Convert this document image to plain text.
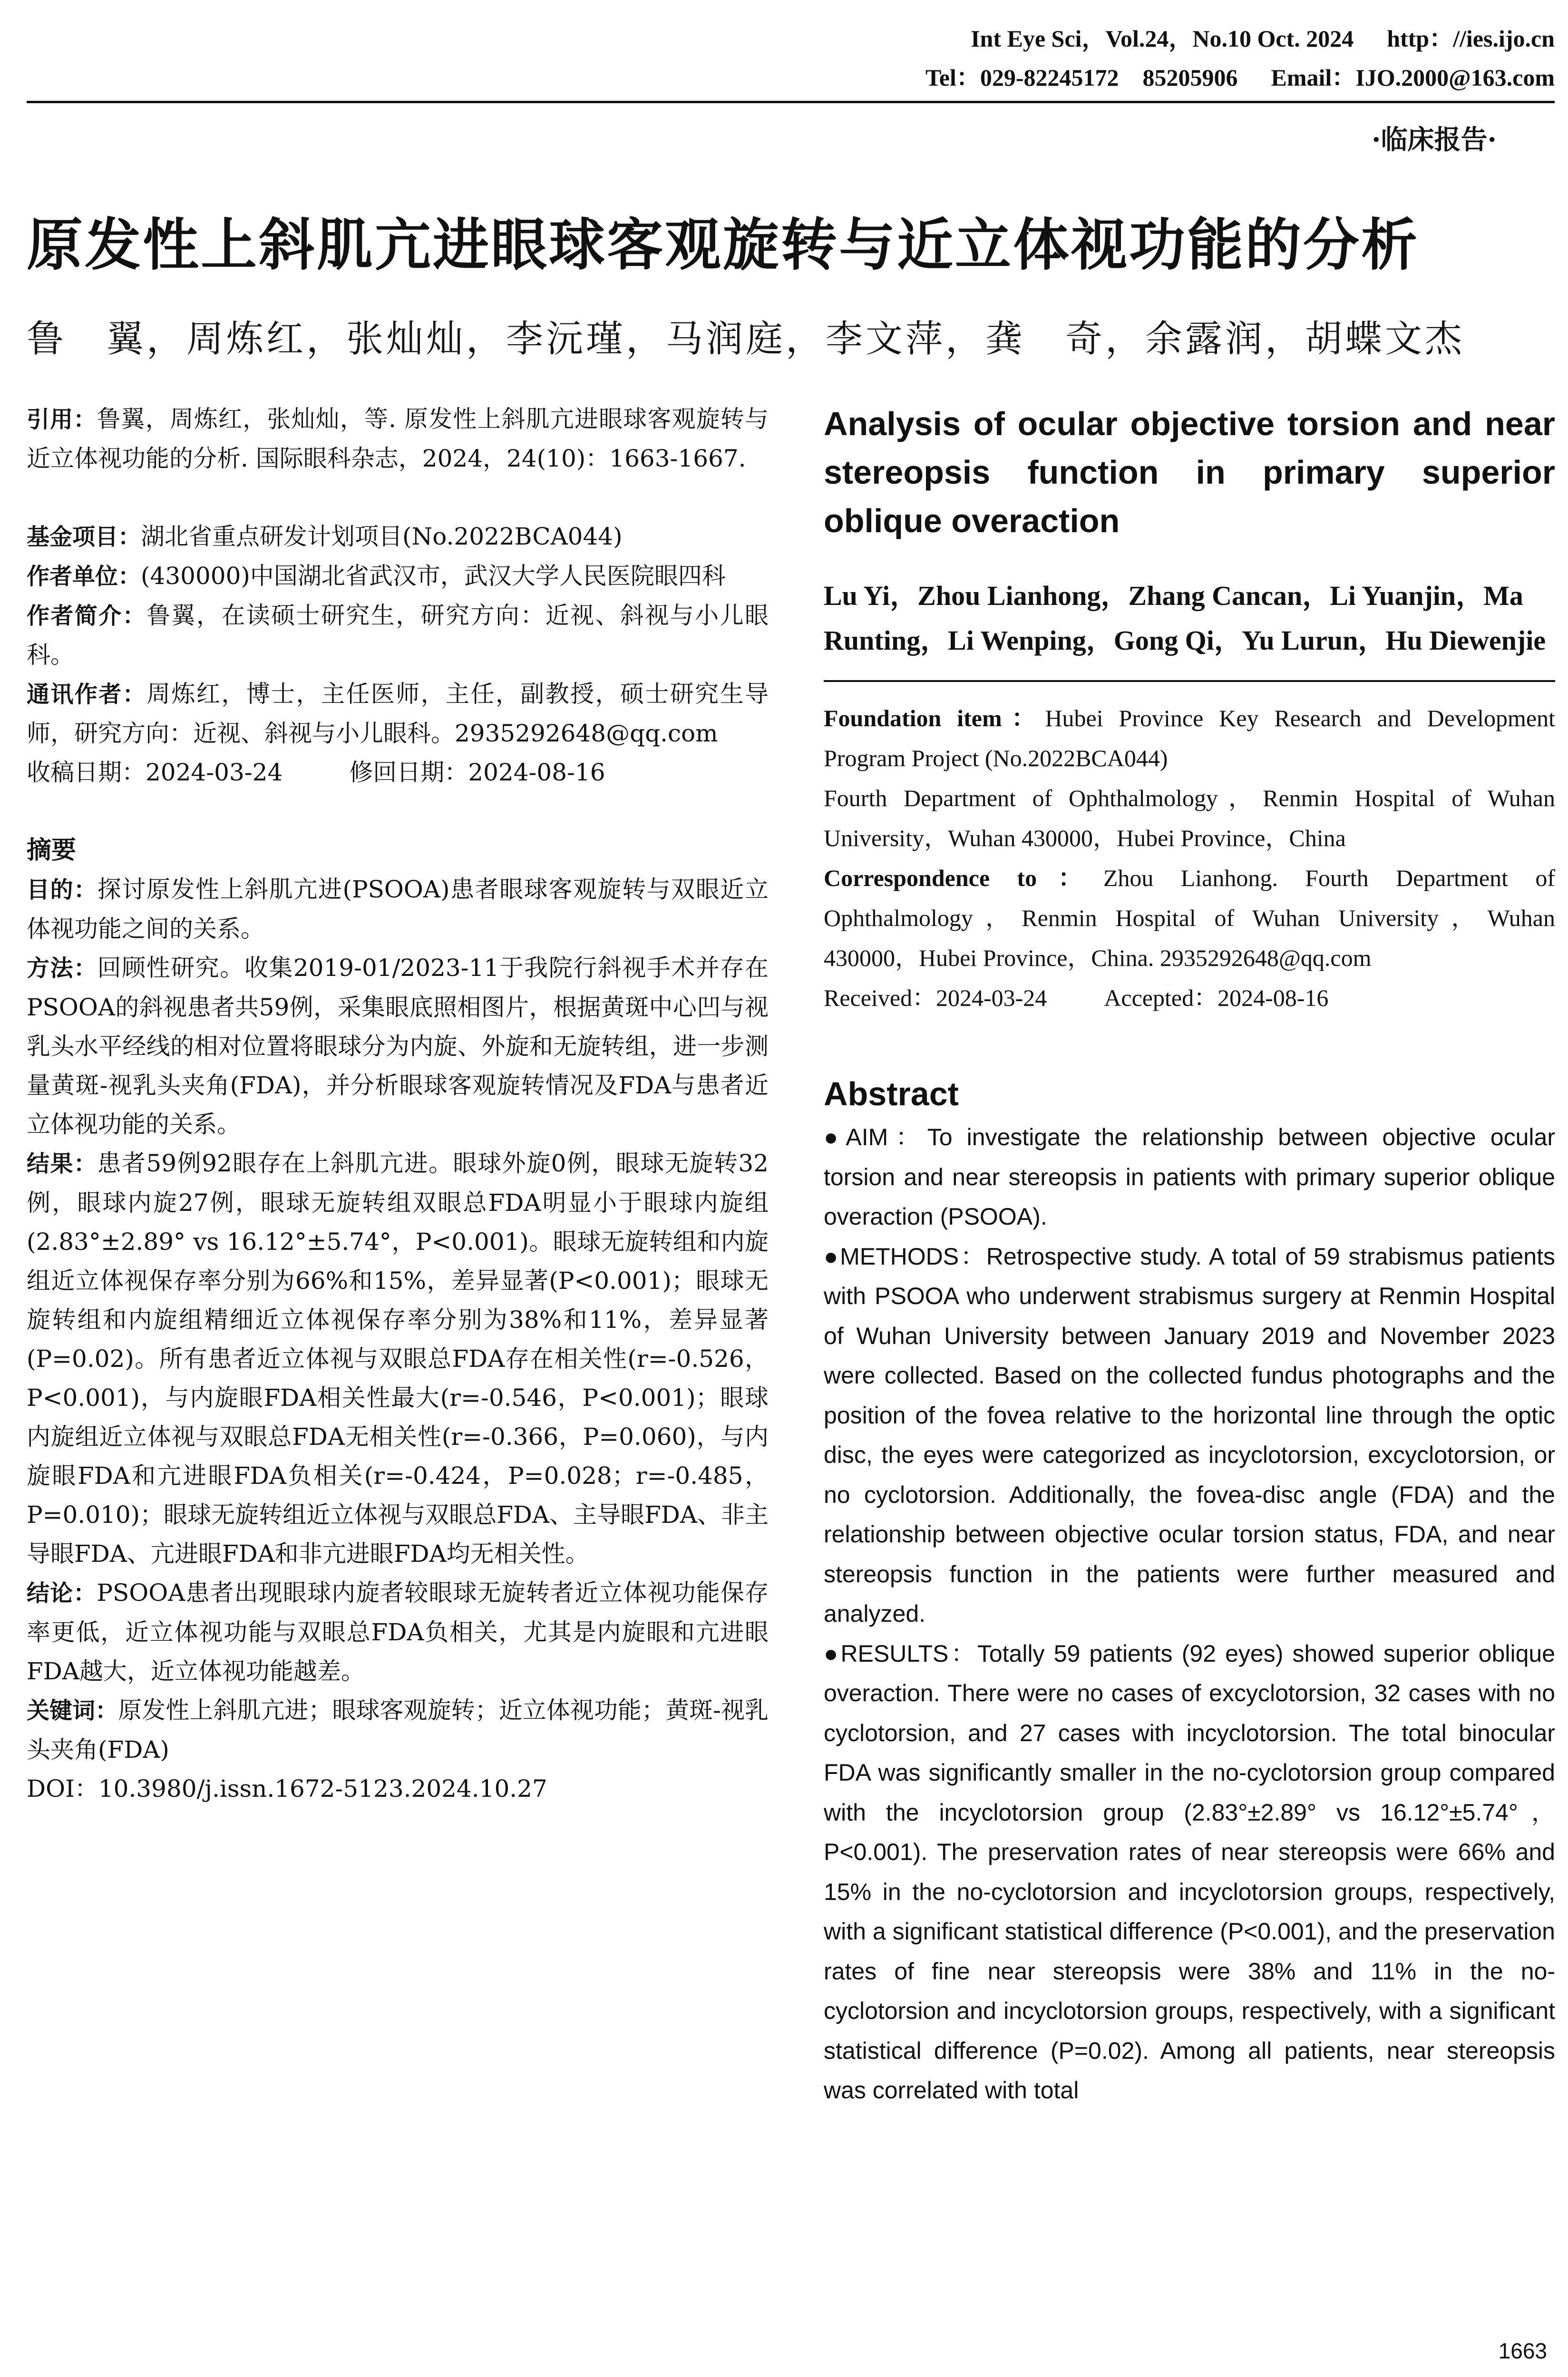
Int Eye Sci，Vol.24，No.10 Oct. 2024 http：//ies.ijo.cn
Tel：029-82245172　85205906 Email：IJO.2000@163.com
·临床报告·
原发性上斜肌亢进眼球客观旋转与近立体视功能的分析
鲁　翼，周炼红，张灿灿，李沅瑾，马润庭，李文萍，龚　奇，余露润，胡蝶文杰

引用：鲁翼，周炼红，张灿灿，等. 原发性上斜肌亢进眼球客观旋转与近立体视功能的分析. 国际眼科杂志，2024，24(10)：1663-1667.

基金项目：湖北省重点研发计划项目(No.2022BCA044)

作者单位：(430000)中国湖北省武汉市，武汉大学人民医院眼四科

作者简介：鲁翼，在读硕士研究生，研究方向：近视、斜视与小儿眼科。

通讯作者：周炼红，博士，主任医师，主任，副教授，硕士研究生导师，研究方向：近视、斜视与小儿眼科。2935292648@qq.com

收稿日期：2024-03-24	修回日期：2024-08-16

摘要

目的：探讨原发性上斜肌亢进(PSOOA)患者眼球客观旋转与双眼近立体视功能之间的关系。

方法：回顾性研究。收集2019-01/2023-11于我院行斜视手术并存在PSOOA的斜视患者共59例，采集眼底照相图片，根据黄斑中心凹与视乳头水平经线的相对位置将眼球分为内旋、外旋和无旋转组，进一步测量黄斑-视乳头夹角(FDA)，并分析眼球客观旋转情况及FDA与患者近立体视功能的关系。

结果：患者59例92眼存在上斜肌亢进。眼球外旋0例，眼球无旋转32例，眼球内旋27例，眼球无旋转组双眼总FDA明显小于眼球内旋组(2.83°±2.89° vs 16.12°±5.74°，P<0.001)。眼球无旋转组和内旋组近立体视保存率分别为66%和15%，差异显著(P<0.001)；眼球无旋转组和内旋组精细近立体视保存率分别为38%和11%，差异显著(P=0.02)。所有患者近立体视与双眼总FDA存在相关性(r=-0.526，P<0.001)，与内旋眼FDA相关性最大(r=-0.546，P<0.001)；眼球内旋组近立体视与双眼总FDA无相关性(r=-0.366，P=0.060)，与内旋眼FDA和亢进眼FDA负相关(r=-0.424，P=0.028；r=-0.485，P=0.010)；眼球无旋转组近立体视与双眼总FDA、主导眼FDA、非主导眼FDA、亢进眼FDA和非亢进眼FDA均无相关性。

结论：PSOOA患者出现眼球内旋者较眼球无旋转者近立体视功能保存率更低，近立体视功能与双眼总FDA负相关，尤其是内旋眼和亢进眼FDA越大，近立体视功能越差。

关键词：原发性上斜肌亢进；眼球客观旋转；近立体视功能；黄斑-视乳头夹角(FDA)

DOI：10.3980/j.issn.1672-5123.2024.10.27

Analysis of ocular objective torsion and near stereopsis function in primary superior oblique overaction
Lu Yi，Zhou Lianhong，Zhang Cancan，Li Yuanjin，Ma Runting，Li Wenping，Gong Qi，Yu Lurun，Hu Diewenjie

Foundation item：Hubei Province Key Research and Development Program Project (No.2022BCA044)

Fourth Department of Ophthalmology，Renmin Hospital of Wuhan University，Wuhan 430000，Hubei Province，China

Correspondence to：Zhou Lianhong. Fourth Department of Ophthalmology，Renmin Hospital of Wuhan University，Wuhan 430000，Hubei Province，China. 2935292648@qq.com

Received：2024-03-24 Accepted：2024-08-16

Abstract

●AIM：To investigate the relationship between objective ocular torsion and near stereopsis in patients with primary superior oblique overaction (PSOOA).

●METHODS：Retrospective study. A total of 59 strabismus patients with PSOOA who underwent strabismus surgery at Renmin Hospital of Wuhan University between January 2019 and November 2023 were collected. Based on the collected fundus photographs and the position of the fovea relative to the horizontal line through the optic disc, the eyes were categorized as incyclotorsion, excyclotorsion, or no cyclotorsion. Additionally, the fovea-disc angle (FDA) and the relationship between objective ocular torsion status, FDA, and near stereopsis function in the patients were further measured and analyzed.

●RESULTS：Totally 59 patients (92 eyes) showed superior oblique overaction. There were no cases of excyclotorsion, 32 cases with no cyclotorsion, and 27 cases with incyclotorsion. The total binocular FDA was significantly smaller in the no-cyclotorsion group compared with the incyclotorsion group (2.83°±2.89° vs 16.12°±5.74°，P<0.001). The preservation rates of near stereopsis were 66% and 15% in the no-cyclotorsion and incyclotorsion groups, respectively, with a significant statistical difference (P<0.001), and the preservation rates of fine near stereopsis were 38% and 11% in the no-cyclotorsion and incyclotorsion groups, respectively, with a significant statistical difference (P=0.02). Among all patients, near stereopsis was correlated with total

1663
